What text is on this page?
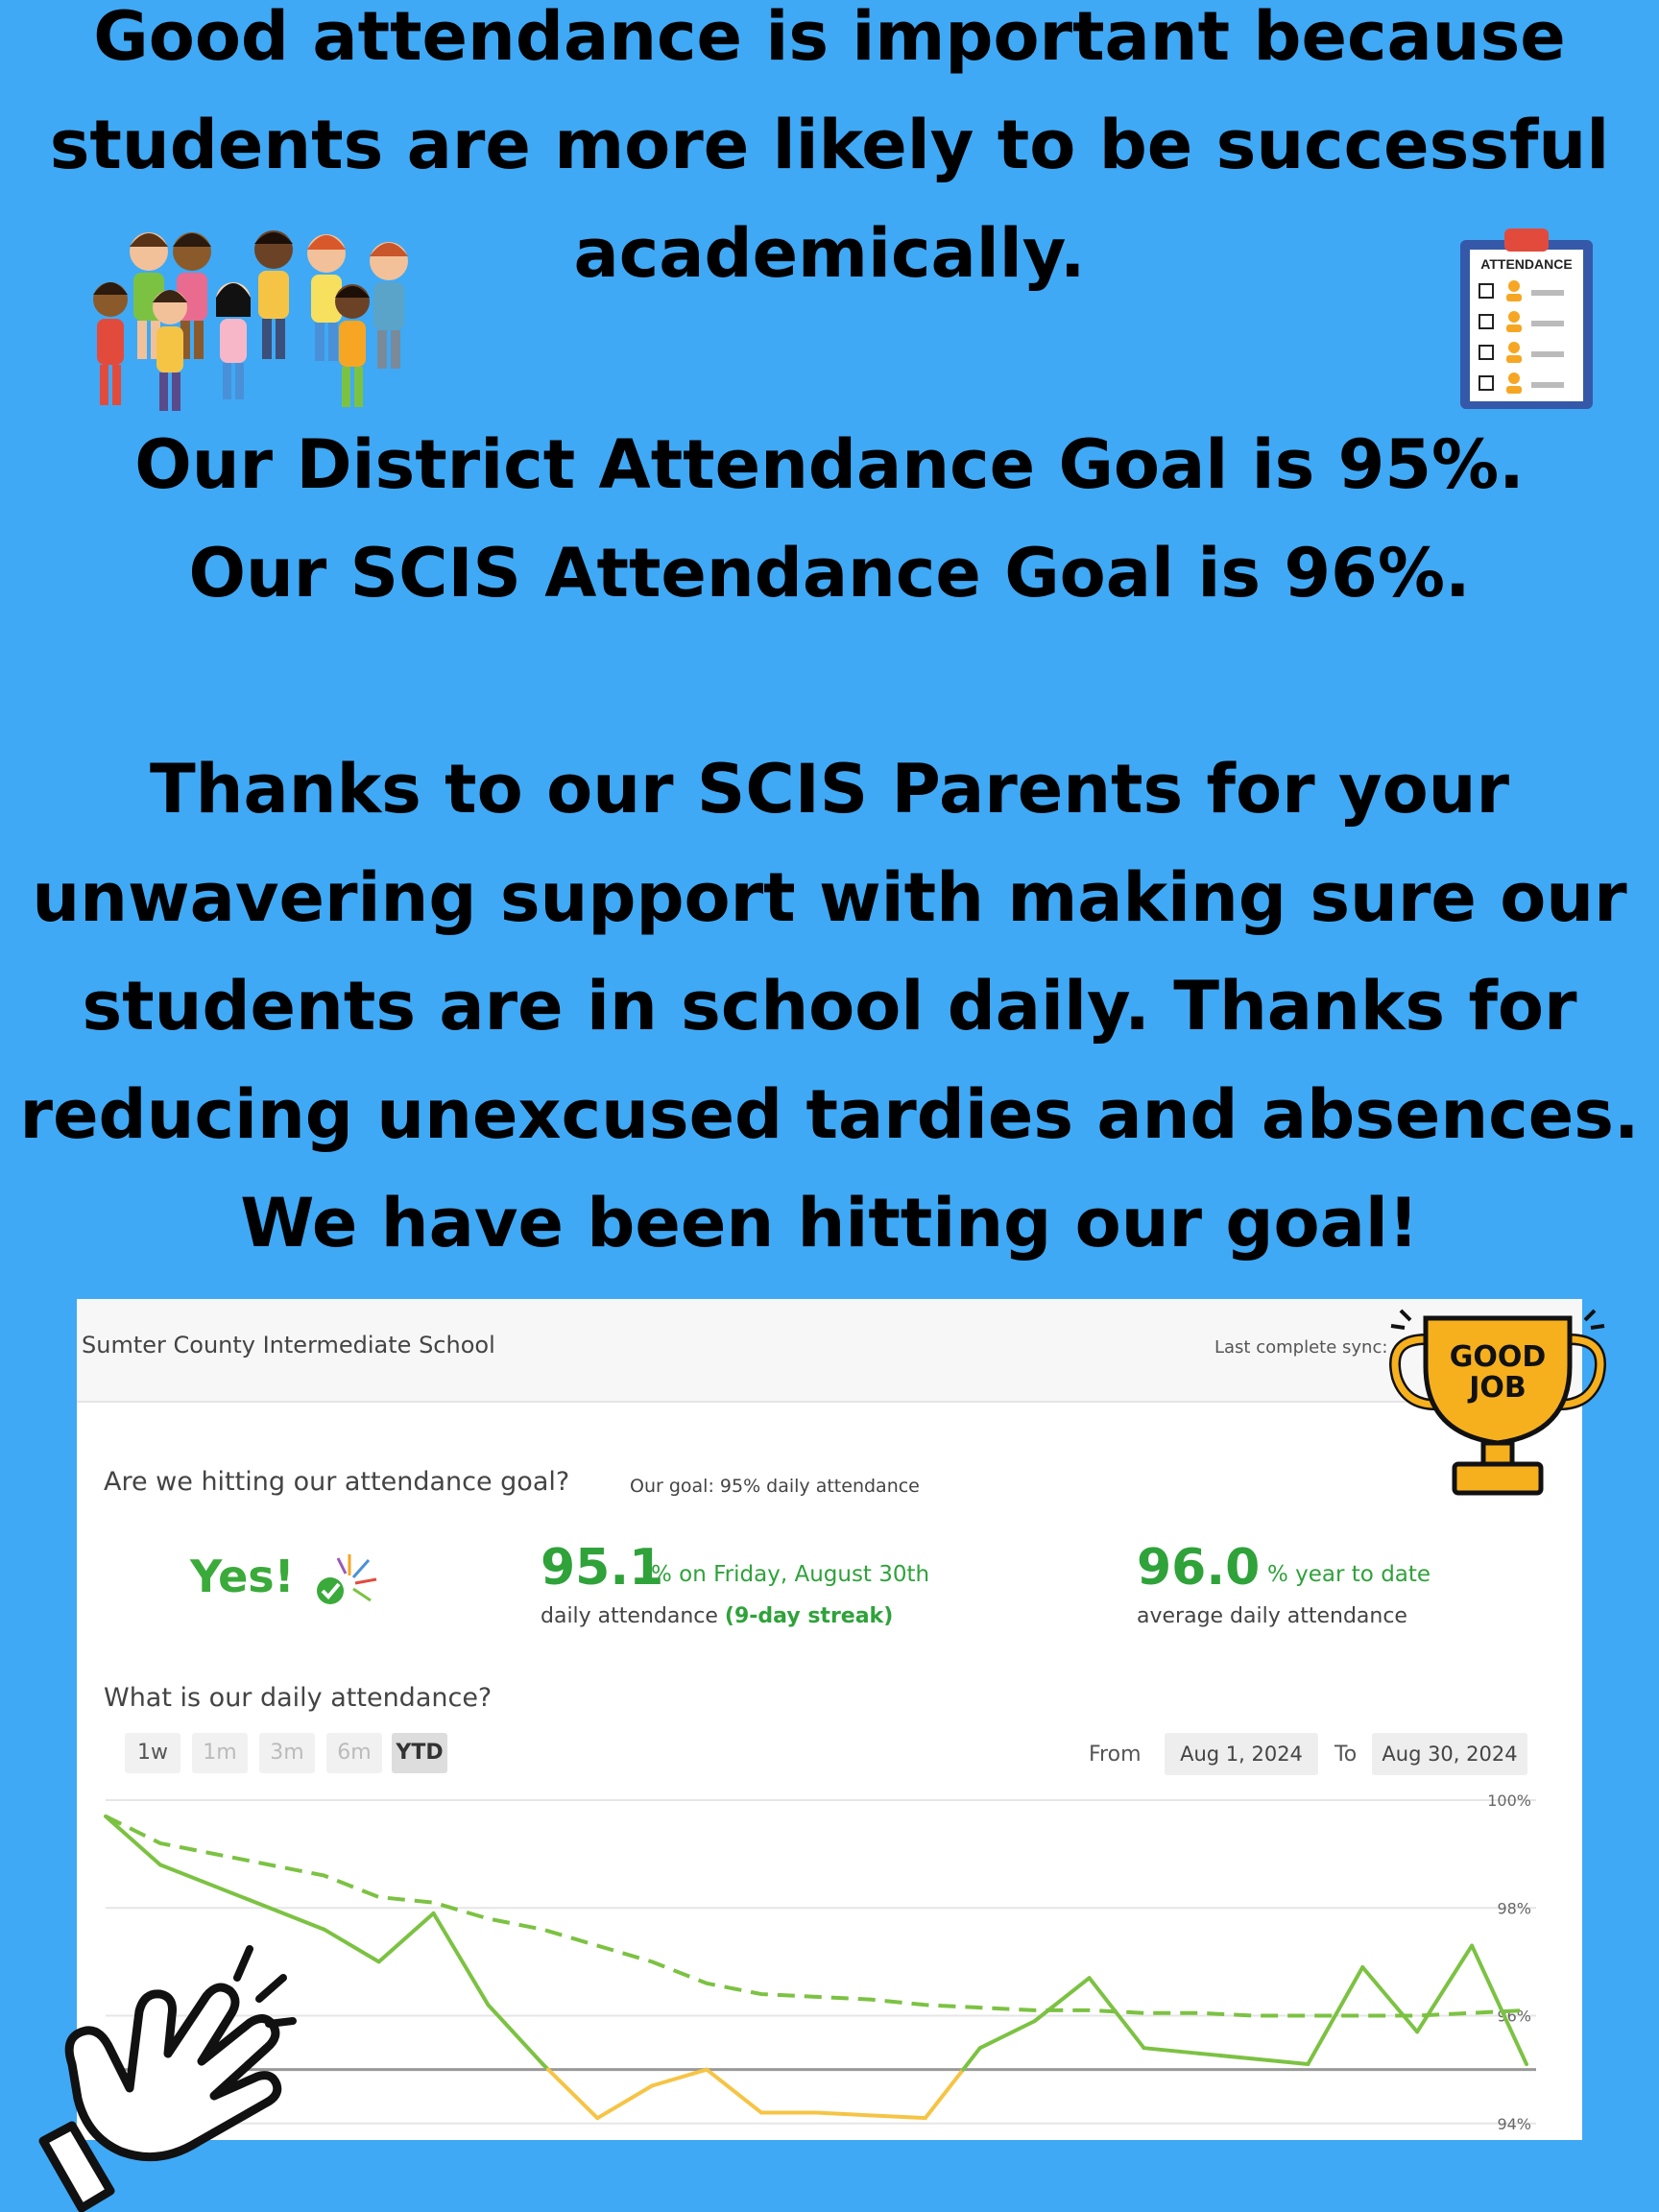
Good attendance is important because
students are more likely to be successful
academically.	ATTENDANCE
Our District Attendance Goal is 95%.
Our SCIS Attendance Goal is 96%.
Thanks to our SCIS Parents for your
unwavering support with making sure our
students are in school daily. Thanks for
reducing unexcused tardies and absences.
We have been hitting our goal!
Sumter County Intermediate School	Last complete sync:
Are we hitting our attendance goal?	Our goal: 95% daily attendance
Yes!	95.1
% on Friday, August 30th
daily attendance (9-day streak)
96.0 % year to date
average daily attendance
What is our daily attendance?
1w	1m	3m	6m	YTD	From	Aug 1, 2024	To	Aug 30, 2024
100%
98%
96%
94%
GOOD
JOB
